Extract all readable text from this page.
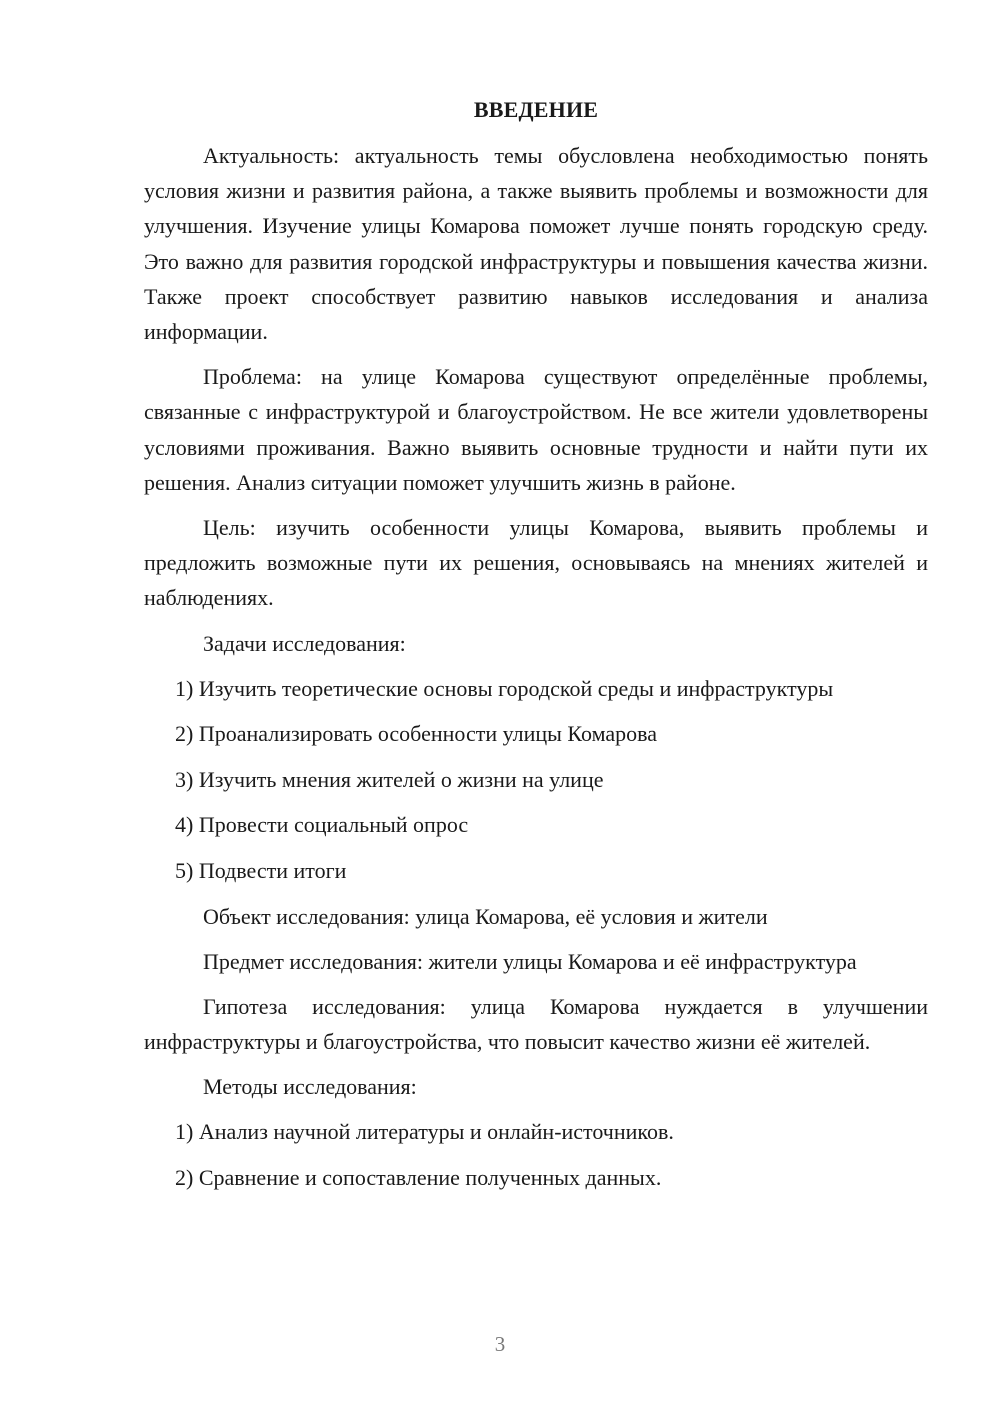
ВВЕДЕНИЕ

Актуальность: актуальность темы обусловлена необходимостью понять условия жизни и развития района, а также выявить проблемы и возможности для улучшения. Изучение улицы Комарова поможет лучше понять городскую среду. Это важно для развития городской инфраструктуры и повышения качества жизни. Также проект способствует развитию навыков исследования и анализа информации.

Проблема: на улице Комарова существуют определённые проблемы, связанные с инфраструктурой и благоустройством. Не все жители удовлетворены условиями проживания. Важно выявить основные трудности и найти пути их решения. Анализ ситуации поможет улучшить жизнь в районе.

Цель: изучить особенности улицы Комарова, выявить проблемы и предложить возможные пути их решения, основываясь на мнениях жителей и наблюдениях.

Задачи исследования:
1) Изучить теоретические основы городской среды и инфраструктуры
2) Проанализировать особенности улицы Комарова
3) Изучить мнения жителей о жизни на улице
4) Провести социальный опрос
5) Подвести итоги

Объект исследования: улица Комарова, её условия и жители

Предмет исследования: жители улицы Комарова и её инфраструктура

Гипотеза исследования: улица Комарова нуждается в улучшении инфраструктуры и благоустройства, что повысит качество жизни её жителей.

Методы исследования:
1) Анализ научной литературы и онлайн-источников.
2) Сравнение и сопоставление полученных данных.
3
